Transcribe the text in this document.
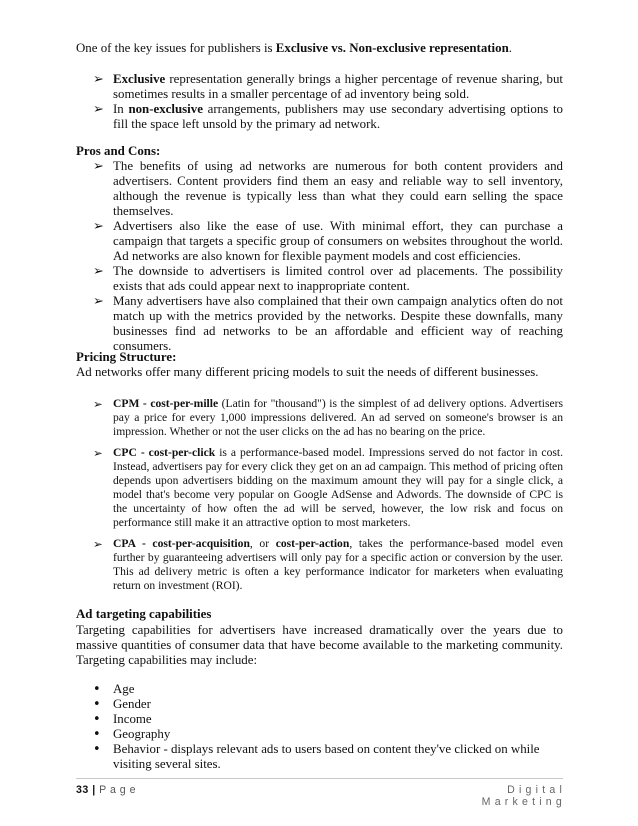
One of the key issues for publishers is Exclusive vs. Non-exclusive representation.

➢ Exclusive representation generally brings a higher percentage of revenue sharing, but sometimes results in a smaller percentage of ad inventory being sold.

➢ In non-exclusive arrangements, publishers may use secondary advertising options to fill the space left unsold by the primary ad network.

Pros and Cons:

➢ The benefits of using ad networks are numerous for both content providers and advertisers. Content providers find them an easy and reliable way to sell inventory, although the revenue is typically less than what they could earn selling the space themselves.

➢ Advertisers also like the ease of use. With minimal effort, they can purchase a campaign that targets a specific group of consumers on websites throughout the world. Ad networks are also known for flexible payment models and cost efficiencies.

➢ The downside to advertisers is limited control over ad placements. The possibility exists that ads could appear next to inappropriate content.

➢ Many advertisers have also complained that their own campaign analytics often do not match up with the metrics provided by the networks. Despite these downfalls, many businesses find ad networks to be an affordable and efficient way of reaching consumers.

Pricing Structure:

Ad networks offer many different pricing models to suit the needs of different businesses.

➢ CPM - cost-per-mille (Latin for "thousand") is the simplest of ad delivery options. Advertisers pay a price for every 1,000 impressions delivered. An ad served on someone's browser is an impression. Whether or not the user clicks on the ad has no bearing on the price.

➢ CPC - cost-per-click is a performance-based model. Impressions served do not factor in cost. Instead, advertisers pay for every click they get on an ad campaign. This method of pricing often depends upon advertisers bidding on the maximum amount they will pay for a single click, a model that's become very popular on Google AdSense and Adwords. The downside of CPC is the uncertainty of how often the ad will be served, however, the low risk and focus on performance still make it an attractive option to most marketers.

➢ CPA - cost-per-acquisition, or cost-per-action, takes the performance-based model even further by guaranteeing advertisers will only pay for a specific action or conversion by the user. This ad delivery metric is often a key performance indicator for marketers when evaluating return on investment (ROI).

Ad targeting capabilities

Targeting capabilities for advertisers have increased dramatically over the years due to massive quantities of consumer data that have become available to the marketing community. Targeting capabilities may include:

• Age

• Gender

• Income

• Geography

• Behavior - displays relevant ads to users based on content they've clicked on while visiting several sites.

33 | P a g e	Digital Marketing
